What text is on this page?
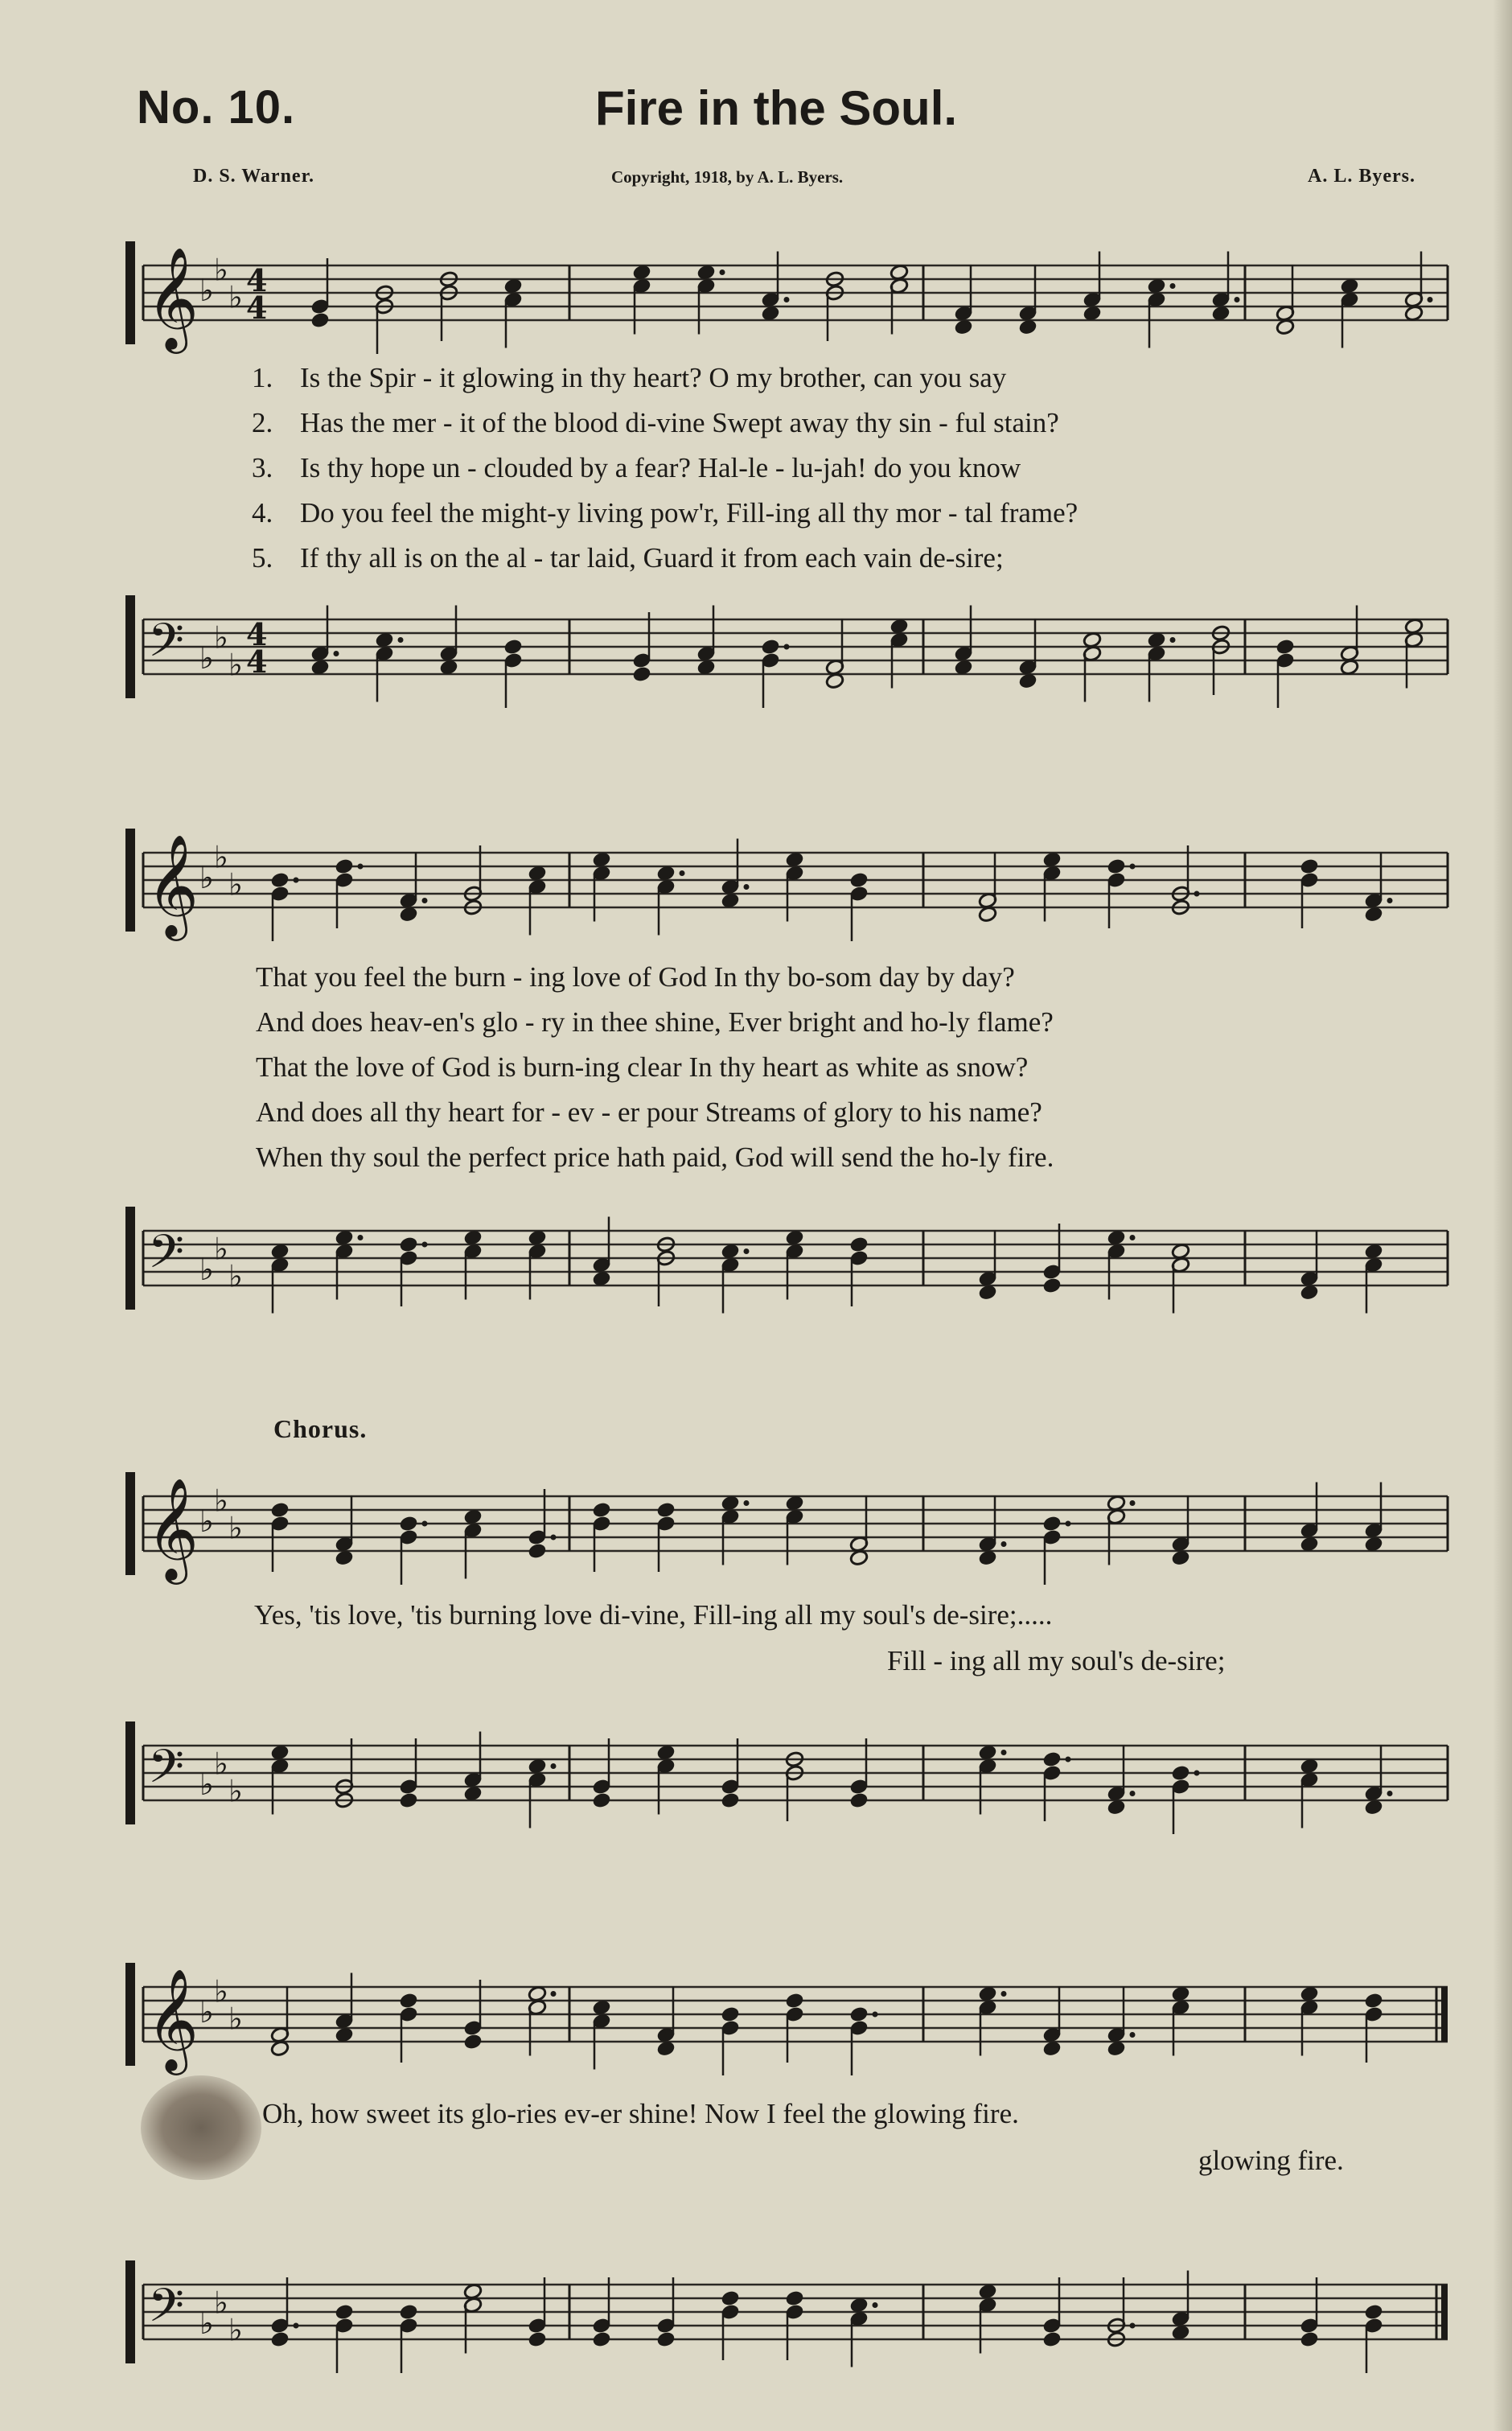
No. 10.	Fire in the Soul.
D. S. Warner.	Copyright, 1918, by A. L. Byers.	A. L. Byers.
𝄞 ♭
♭
♭ 4
4
1. Is the Spir - it glowing in thy heart? O my brother, can you say
2. Has the mer - it of the blood di-vine Swept away thy sin - ful stain?
3. Is thy hope un - clouded by a fear? Hal-le - lu-jah! do you know
4. Do you feel the might-y living pow'r, Fill-ing all thy mor - tal frame?
5. If thy all is on the al - tar laid, Guard it from each vain de-sire;
𝄢 ♭
♭
♭
4
4
𝄞 ♭
♭
♭
That you feel the burn - ing love of God In thy bo-som day by day?
And does heav-en's glo - ry in thee shine, Ever bright and ho-ly flame?
That the love of God is burn-ing clear In thy heart as white as snow?
And does all thy heart for - ev - er pour Streams of glory to his name?
When thy soul the perfect price hath paid, God will send the ho-ly fire.
𝄢 ♭
♭
♭
Chorus.
𝄞 ♭
♭
♭
Yes, 'tis love, 'tis burning love di-vine, Fill-ing all my soul's de-sire;.....
Fill - ing all my soul's de-sire;
𝄢 ♭
♭
♭
𝄞 ♭
♭
♭
Oh, how sweet its glo-ries ev-er shine! Now I feel the glowing fire.
glowing fire.
𝄢 ♭
♭
♭
